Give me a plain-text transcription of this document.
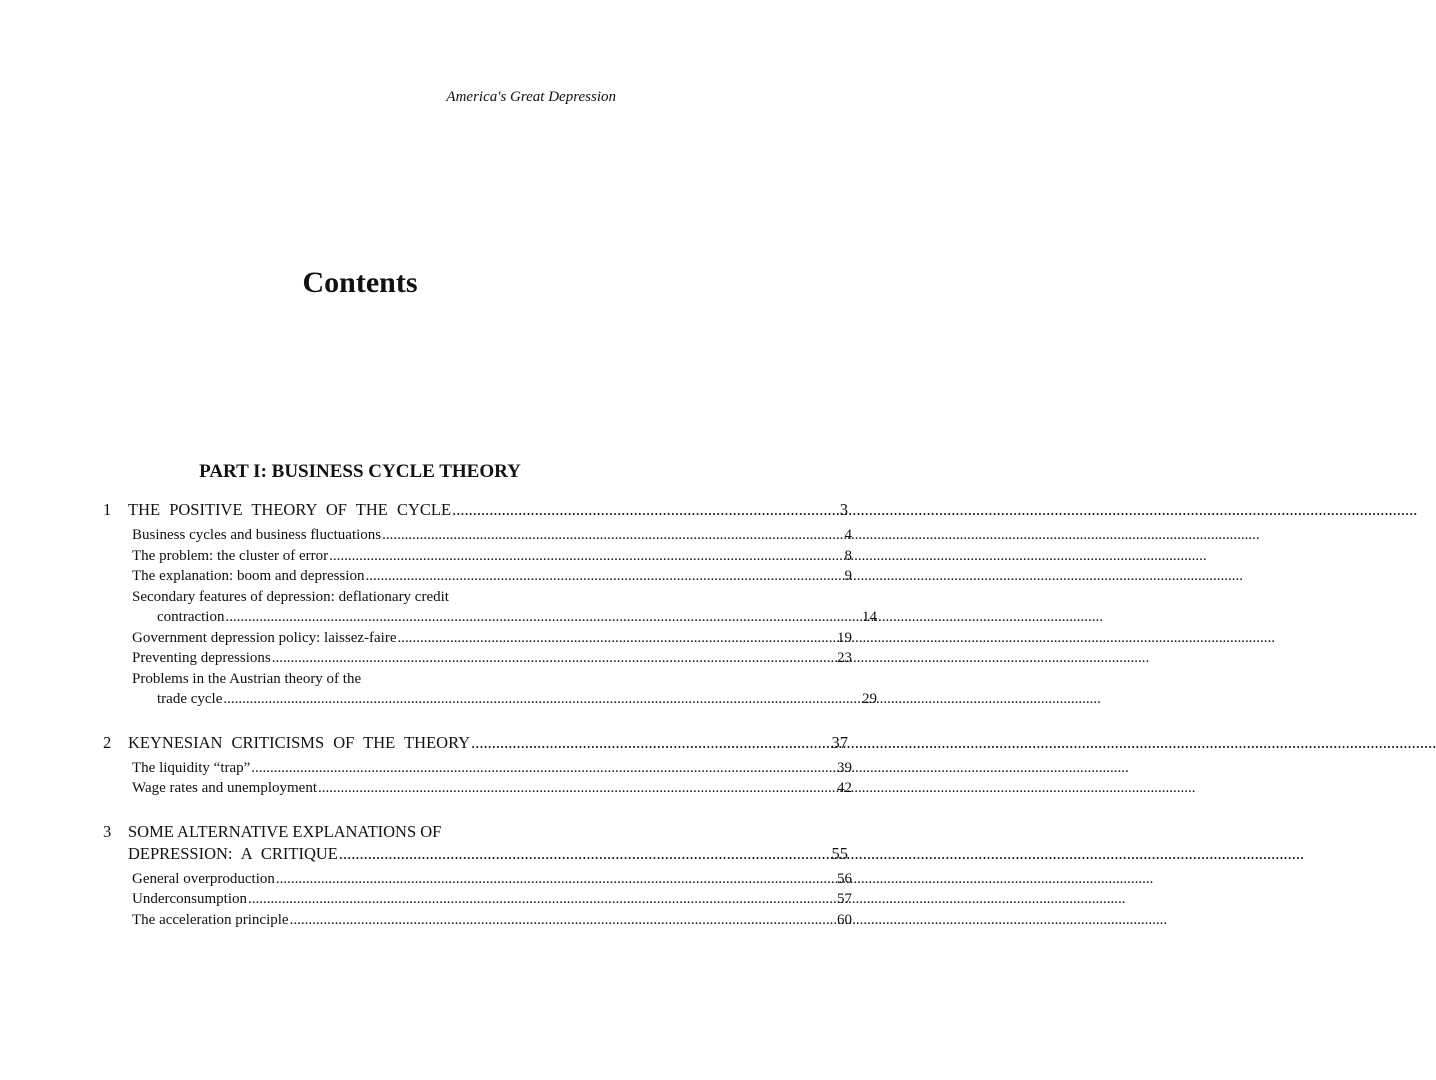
America's Great Depression
Contents
PART I: BUSINESS CYCLE THEORY
1 THE POSITIVE THEORY OF THE CYCLE .....	3
Business cycles and business fluctuations .....	4
The problem: the cluster of error .....	8
The explanation: boom and depression .....	9
Secondary features of depression: deflationary credit
contraction .....	14
Government depression policy: laissez-faire .....	19
Preventing depressions .....	23
Problems in the Austrian theory of the
trade cycle .....	29
2 KEYNESIAN CRITICISMS OF THE THEORY .....	37
The liquidity “trap” .....	39
Wage rates and unemployment .....	42
3 SOME ALTERNATIVE EXPLANATIONS OF
DEPRESSION: A CRITIQUE .....	55
General overproduction .....	56
Underconsumption .....	57
The acceleration principle .....	60
